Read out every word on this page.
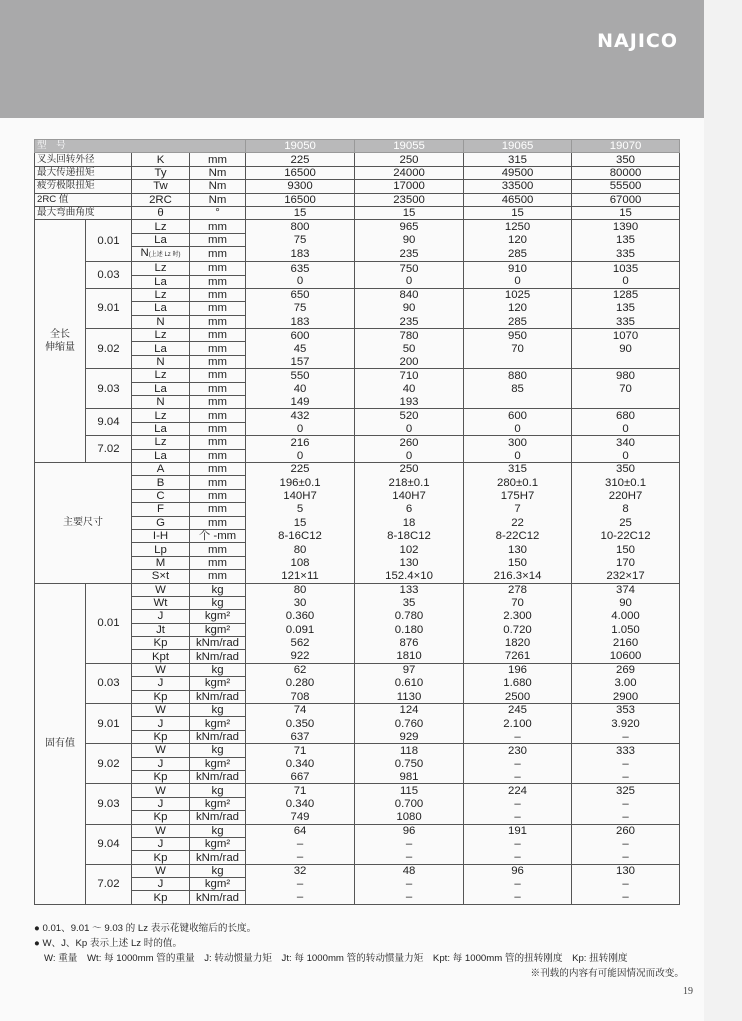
NAJICO
型　号				19050	19055	19065	19070
叉头回转外径		K	mm	225	250	315	350
最大传递扭矩		Ty	Nm	16500	24000	49500	80000
疲劳极限扭矩		Tw	Nm	9300	17000	33500	55500
2RC 值		2RC	Nm	16500	23500	46500	67000
最大弯曲角度		θ	°	15	15	15	15
全长
伸缩量	0.01	Lz	mm	800	965	1250	1390
		La	mm	75	90	120	135
		N(上述 Lz 时)	mm	183	235	285	335
	0.03	Lz	mm	635	750	910	1035
		La	mm	0	0	0	0
	9.01	Lz	mm	650	840	1025	1285
		La	mm	75	90	120	135
		N	mm	183	235	285	335
	9.02	Lz	mm	600	780	950	1070
		La	mm	45	50	70	90
		N	mm	157	200		
	9.03	Lz	mm	550	710	880	980
		La	mm	40	40	85	70
		N	mm	149	193		
	9.04	Lz	mm	432	520	600	680
		La	mm	0	0	0	0
	7.02	Lz	mm	216	260	300	340
		La	mm	0	0	0	0
主要尺寸		A	mm	225	250	315	350
		B	mm	196±0.1	218±0.1	280±0.1	310±0.1
		C	mm	140H7	140H7	175H7	220H7
		F	mm	5	6	7	8
		G	mm	15	18	22	25
		I-H	个 -mm	8-16C12	8-18C12	8-22C12	10-22C12
		Lp	mm	80	102	130	150
		M	mm	108	130	150	170
		S×t	mm	121×11	152.4×10	216.3×14	232×17
固有值	0.01	W	kg	80	133	278	374
		Wt	kg	30	35	70	90
		J	kgm²	0.360	0.780	2.300	4.000
		Jt	kgm²	0.091	0.180	0.720	1.050
		Kp	kNm/rad	562	876	1820	2160
		Kpt	kNm/rad	922	1810	7261	10600
	0.03	W	kg	62	97	196	269
		J	kgm²	0.280	0.610	1.680	3.00
		Kp	kNm/rad	708	1130	2500	2900
	9.01	W	kg	74	124	245	353
		J	kgm²	0.350	0.760	2.100	3.920
		Kp	kNm/rad	637	929	–	–
	9.02	W	kg	71	118	230	333
		J	kgm²	0.340	0.750	–	–
		Kp	kNm/rad	667	981	–	–
	9.03	W	kg	71	115	224	325
		J	kgm²	0.340	0.700	–	–
		Kp	kNm/rad	749	1080	–	–
	9.04	W	kg	64	96	191	260
		J	kgm²	–	–	–	–
		Kp	kNm/rad	–	–	–	–
	7.02	W	kg	32	48	96	130
		J	kgm²	–	–	–	–
		Kp	kNm/rad	–	–	–	–

● 0.01、9.01 ～ 9.03 的 Lz 表示花键收缩后的长度。

● W、J、Kp 表示上述 Lz 时的值。

W: 重量　Wt: 每 1000mm 管的重量　J: 转动惯量力矩　Jt: 每 1000mm 管的转动惯量力矩　Kpt: 每 1000mm 管的扭转刚度　Kp: 扭转刚度

※刊载的内容有可能因情况而改变。

19
